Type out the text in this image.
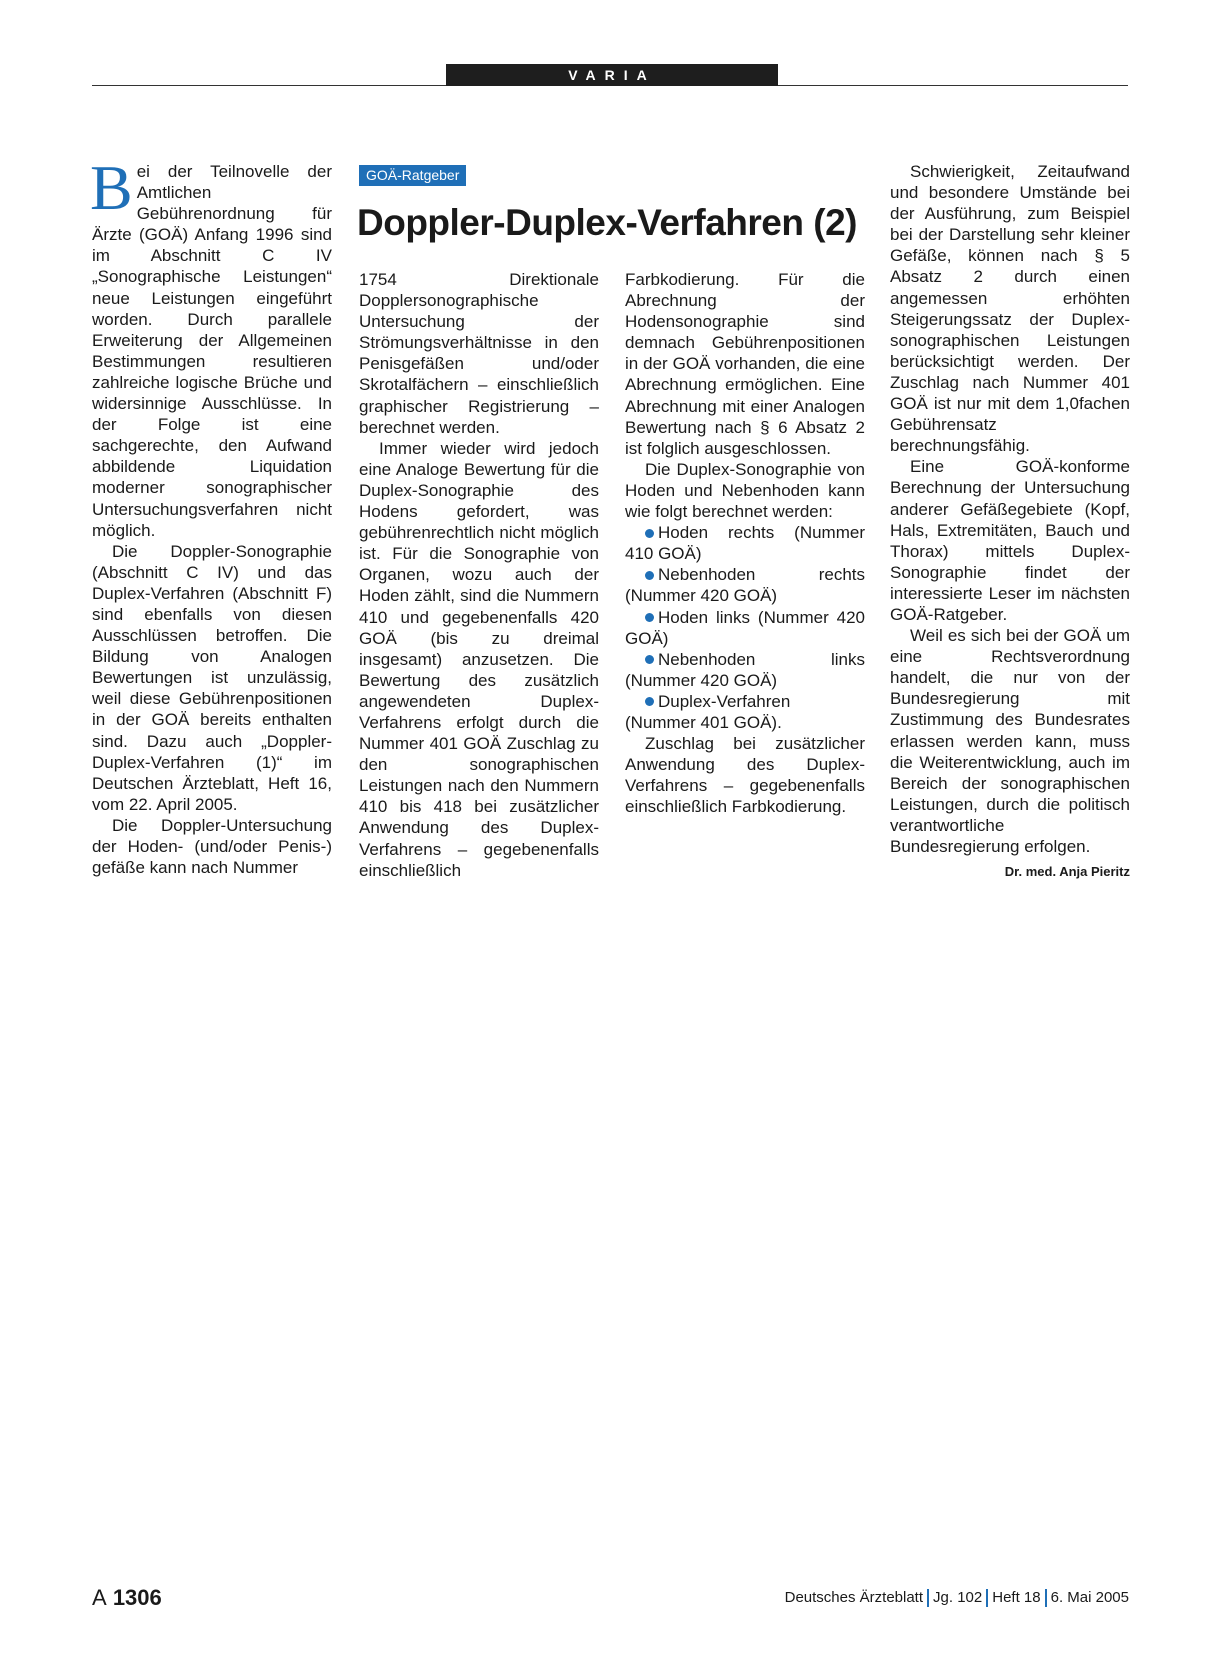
VARIA

Bei der Teilnovelle der Amtlichen Gebührenordnung für Ärzte (GOÄ) Anfang 1996 sind im Abschnitt C IV „Sonographische Leistungen“ neue Leistungen eingeführt worden. Durch parallele Erweiterung der Allgemeinen Bestimmungen resultieren zahlreiche logische Brüche und widersinnige Ausschlüsse. In der Folge ist eine sachgerechte, den Aufwand abbildende Liquidation moderner sonographischer Untersuchungsverfahren nicht möglich.

Die Doppler-Sonographie (Abschnitt C IV) und das Duplex-Verfahren (Abschnitt F) sind ebenfalls von diesen Ausschlüssen betroffen. Die Bildung von Analogen Bewertungen ist unzulässig, weil diese Gebührenpositionen in der GOÄ bereits enthalten sind. Dazu auch „Doppler-Duplex-Verfahren (1)“ im Deutschen Ärzteblatt, Heft 16, vom 22. April 2005.

Die Doppler-Untersuchung der Hoden- (und/oder Penis-) gefäße kann nach Nummer

GOÄ-Ratgeber
Doppler-Duplex-Verfahren (2)

1754 Direktionale Dopplersonographische Untersuchung der Strömungsverhältnisse in den Penisgefäßen und/oder Skrotalfächern – einschließlich graphischer Registrierung – berechnet werden.

Immer wieder wird jedoch eine Analoge Bewertung für die Duplex-Sonographie des Hodens gefordert, was gebührenrechtlich nicht möglich ist. Für die Sonographie von Organen, wozu auch der Hoden zählt, sind die Nummern 410 und gegebenenfalls 420 GOÄ (bis zu dreimal insgesamt) anzusetzen. Die Bewertung des zusätzlich angewendeten Duplex-Verfahrens erfolgt durch die Nummer 401 GOÄ Zuschlag zu den sonographischen Leistungen nach den Nummern 410 bis 418 bei zusätzlicher Anwendung des Duplex-Verfahrens – gegebenenfalls einschließlich

Farbkodierung. Für die Abrechnung der Hodensonographie sind demnach Gebührenpositionen in der GOÄ vorhanden, die eine Abrechnung ermöglichen. Eine Abrechnung mit einer Analogen Bewertung nach § 6 Absatz 2 ist folglich ausgeschlossen.

Die Duplex-Sonographie von Hoden und Nebenhoden kann wie folgt berechnet werden:

Hoden rechts (Nummer 410 GOÄ)

Nebenhoden rechts (Nummer 420 GOÄ)

Hoden links (Nummer 420 GOÄ)

Nebenhoden links (Nummer 420 GOÄ)

Duplex-Verfahren (Nummer 401 GOÄ).

Zuschlag bei zusätzlicher Anwendung des Duplex-Verfahrens – gegebenenfalls einschließlich Farbkodierung.

Schwierigkeit, Zeitaufwand und besondere Umstände bei der Ausführung, zum Beispiel bei der Darstellung sehr kleiner Gefäße, können nach § 5 Absatz 2 durch einen angemessen erhöhten Steigerungssatz der Duplex-sonographischen Leistungen berücksichtigt werden. Der Zuschlag nach Nummer 401 GOÄ ist nur mit dem 1,0fachen Gebührensatz berechnungsfähig.

Eine GOÄ-konforme Berechnung der Untersuchung anderer Gefäßegebiete (Kopf, Hals, Extremitäten, Bauch und Thorax) mittels Duplex-Sonographie findet der interessierte Leser im nächsten GOÄ-Ratgeber.

Weil es sich bei der GOÄ um eine Rechtsverordnung handelt, die nur von der Bundesregierung mit Zustimmung des Bundesrates erlassen werden kann, muss die Weiterentwicklung, auch im Bereich der sonographischen Leistungen, durch die politisch verantwortliche Bundesregierung erfolgen.

Dr. med. Anja Pieritz
A 1306	Deutsches Ärzteblatt Jg. 102 Heft 18 6. Mai 2005
